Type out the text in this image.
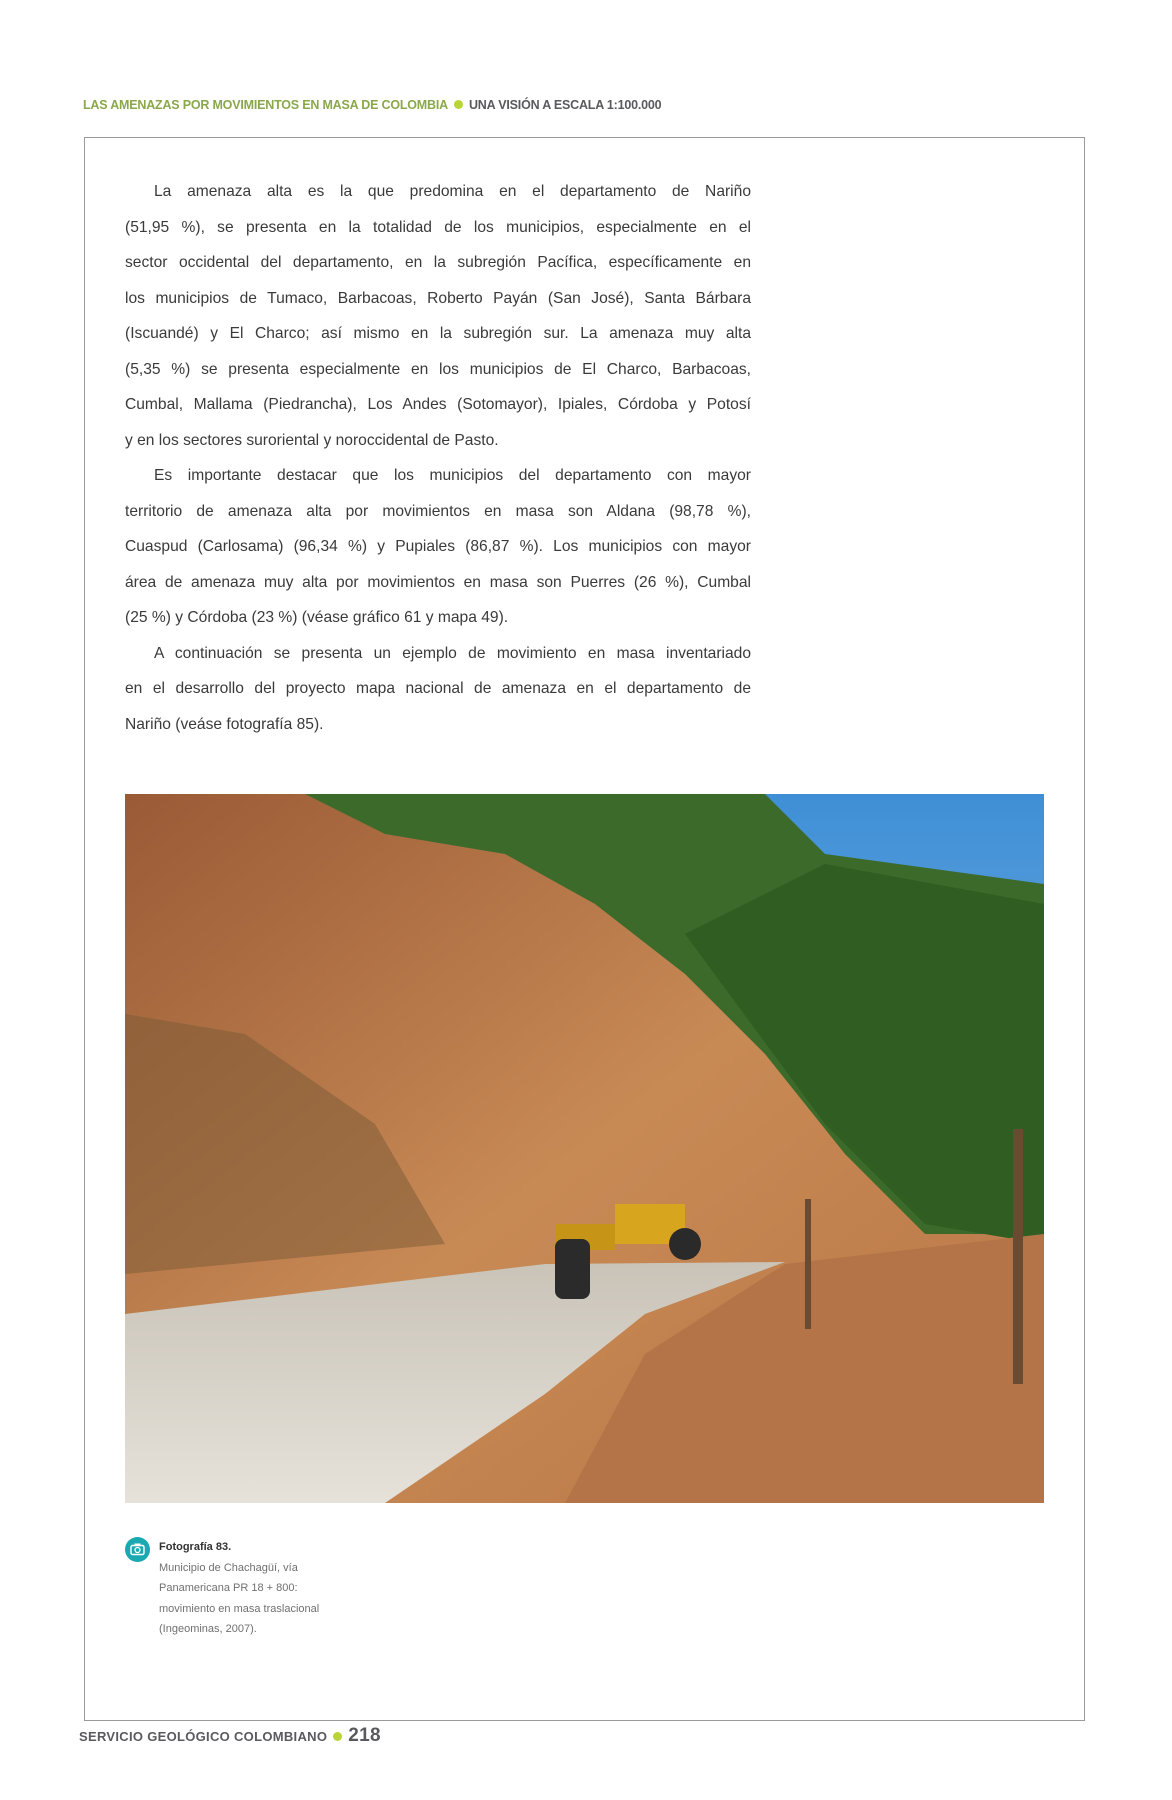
LAS AMENAZAS POR MOVIMIENTOS EN MASA DE COLOMBIA UNA VISIÓN A ESCALA 1:100.000
La amenaza alta es la que predomina en el departamento de Nariño
(51,95 %), se presenta en la totalidad de los municipios, especialmente en el
sector occidental del departamento, en la subregión Pacífica, específicamente en
los municipios de Tumaco, Barbacoas, Roberto Payán (San José), Santa Bárbara
(Iscuandé) y El Charco; así mismo en la subregión sur. La amenaza muy alta
(5,35 %) se presenta especialmente en los municipios de El Charco, Barbacoas,
Cumbal, Mallama (Piedrancha), Los Andes (Sotomayor), Ipiales, Córdoba y Potosí
y en los sectores suroriental y noroccidental de Pasto.
Es importante destacar que los municipios del departamento con mayor
territorio de amenaza alta por movimientos en masa son Aldana (98,78 %),
Cuaspud (Carlosama) (96,34 %) y Pupiales (86,87 %). Los municipios con mayor
área de amenaza muy alta por movimientos en masa son Puerres (26 %), Cumbal
(25 %) y Córdoba (23 %) (véase gráfico 61 y mapa 49).
A continuación se presenta un ejemplo de movimiento en masa inventariado
en el desarrollo del proyecto mapa nacional de amenaza en el departamento de
Nariño (veáse fotografía 85).
Fotografía 83.
Municipio de Chachagüí, vía
Panamericana PR 18 + 800:
movimiento en masa traslacional
(Ingeominas, 2007).
SERVICIO GEOLÓGICO COLOMBIANO 218
